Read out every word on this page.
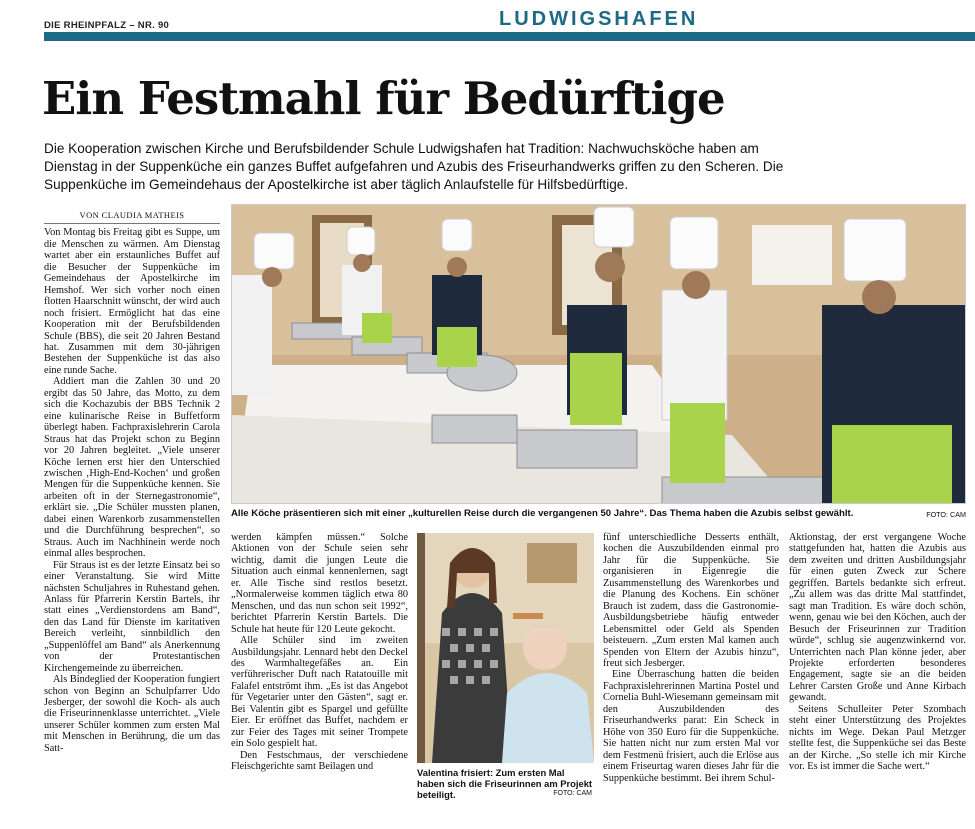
DIE RHEINPFALZ – NR. 90	LUDWIGSHAFEN
Ein Festmahl für Bedürftige

Die Kooperation zwischen Kirche und Berufsbildender Schule Ludwigshafen hat Tradition: Nachwuchsköche haben am Dienstag in der Suppenküche ein ganzes Buffet aufgefahren und Azubis des Friseurhandwerks griffen zu den Scheren. Die Suppenküche im Gemeindehaus der Apostelkirche ist aber täglich Anlaufstelle für Hilfsbedürftige.

VON CLAUDIA MATHEIS

Von Montag bis Freitag gibt es Suppe, um die Menschen zu wärmen. Am Dienstag wartet aber ein erstaunliches Buffet auf die Besucher der Suppenküche im Gemeindehaus der Apostelkirche im Hemshof. Wer sich vorher noch einen flotten Haarschnitt wünscht, der wird auch noch frisiert. Ermöglicht hat das eine Kooperation mit der Berufsbildenden Schule (BBS), die seit 20 Jahren Bestand hat. Zusammen mit dem 30-jährigen Bestehen der Suppenküche ist das also eine runde Sache.

Addiert man die Zahlen 30 und 20 ergibt das 50 Jahre, das Motto, zu dem sich die Kochazubis der BBS Technik 2 eine kulinarische Reise in Buffetform überlegt haben. Fachpraxislehrerin Carola Straus hat das Projekt schon zu Beginn vor 20 Jahren begleitet. „Viele unserer Köche lernen erst hier den Unterschied zwischen ‚High-End-Kochen‘ und großen Mengen für die Suppenküche kennen. Sie arbeiten oft in der Sternegastronomie“, erklärt sie. „Die Schüler mussten planen, dabei einen Warenkorb zusammenstellen und die Durchführung besprechen“, so Straus. Auch im Nachhinein werde noch einmal alles besprochen.

Für Straus ist es der letzte Einsatz bei so einer Veranstaltung. Sie wird Mitte nächsten Schuljahres in Ruhestand gehen. Anlass für Pfarrerin Kerstin Bartels, ihr statt eines „Verdienstordens am Band“, den das Land für Dienste im karitativen Bereich verleiht, sinnbildlich den „Suppenlöffel am Band“ als Anerkennung von der Protestantischen Kirchengemeinde zu überreichen.

Als Bindeglied der Kooperation fungiert schon von Beginn an Schulpfarrer Udo Jesberger, der sowohl die Koch- als auch die Friseurinnenklasse unterrichtet. „Viele unserer Schüler kommen zum ersten Mal mit Menschen in Berührung, die um das Satt-

Alle Köche präsentieren sich mit einer „kulturellen Reise durch die vergangenen 50 Jahre“. Das Thema haben die Azubis selbst gewählt.	FOTO: CAM

werden kämpfen müssen.“ Solche Aktionen von der Schule seien sehr wichtig, damit die jungen Leute die Situation auch einmal kennenlernen, sagt er. Alle Tische sind restlos besetzt. „Normalerweise kommen täglich etwa 80 Menschen, und das nun schon seit 1992“, berichtet Pfarrerin Kerstin Bartels. Die Schule hat heute für 120 Leute gekocht.

Alle Schüler sind im zweiten Ausbildungsjahr. Lennard hebt den Deckel des Warmhaltegefäßes an. Ein verführerischer Duft nach Ratatouille mit Falafel entströmt ihm. „Es ist das Angebot für Vegetarier unter den Gästen“, sagt er. Bei Valentin gibt es Spargel und gefüllte Eier. Er eröffnet das Buffet, nachdem er zur Feier des Tages mit seiner Trompete ein Solo gespielt hat.

Den Festschmaus, der verschiedene Fleischgerichte samt Beilagen und

Valentina frisiert: Zum ersten Mal haben sich die Friseurinnen am Projekt beteiligt.	FOTO: CAM

fünf unterschiedliche Desserts enthält, kochen die Auszubildenden einmal pro Jahr für die Suppenküche. Sie organisieren in Eigenregie die Zusammenstellung des Warenkorbes und die Planung des Kochens. Ein schöner Brauch ist zudem, dass die Gastronomie-Ausbildungsbetriebe häufig entweder Lebensmittel oder Geld als Spenden beisteuern. „Zum ersten Mal kamen auch Spenden von Eltern der Azubis hinzu“, freut sich Jesberger.

Eine Überraschung hatten die beiden Fachpraxislehrerinnen Martina Postel und Cornelia Buhl-Wiesemann gemeinsam mit den Auszubildenden des Friseurhandwerks parat: Ein Scheck in Höhe von 350 Euro für die Suppenküche. Sie hatten nicht nur zum ersten Mal vor dem Festmenü frisiert, auch die Erlöse aus einem Friseurtag waren dieses Jahr für die Suppenküche bestimmt. Bei ihrem Schul-

Aktionstag, der erst vergangene Woche stattgefunden hat, hatten die Azubis aus dem zweiten und dritten Ausbildungsjahr für einen guten Zweck zur Schere gegriffen. Bartels bedankte sich erfreut. „Zu allem was das dritte Mal stattfindet, sagt man Tradition. Es wäre doch schön, wenn, genau wie bei den Köchen, auch der Besuch der Friseurinnen zur Tradition würde“, schlug sie augenzwinkernd vor. Unterrichten nach Plan könne jeder, aber Projekte erforderten besonderes Engagement, sagte sie an die beiden Lehrer Carsten Große und Anne Kirbach gewandt.

Seitens Schulleiter Peter Szombach steht einer Unterstützung des Projektes nichts im Wege. Dekan Paul Metzger stellte fest, die Suppenküche sei das Beste an der Kirche. „So stelle ich mir Kirche vor. Es ist immer die Sache wert.“
